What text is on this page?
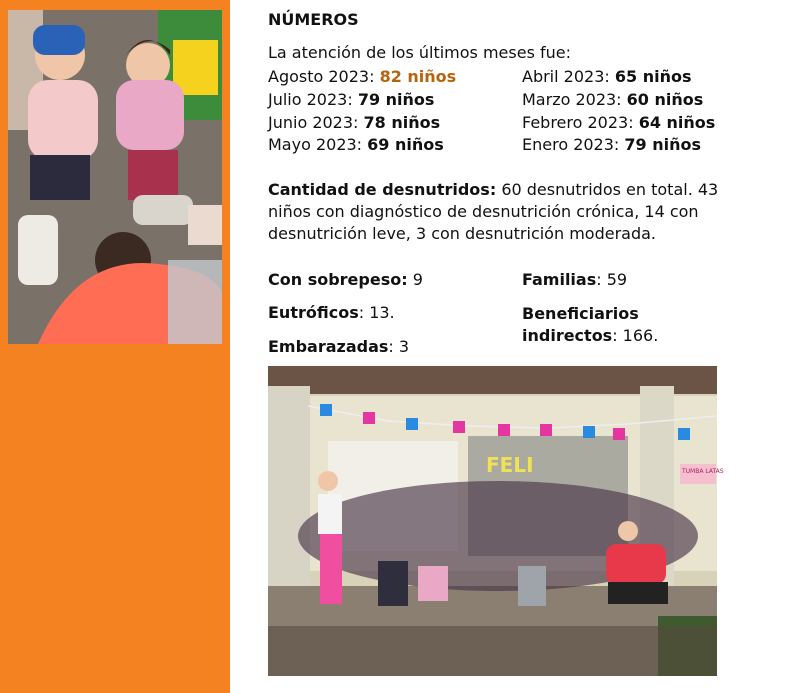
NÚMEROS
La atención de los últimos meses fue:
Agosto 2023: 82 niños
Julio 2023: 79 niños
Junio 2023: 78 niños
Mayo 2023: 69 niños
Abril 2023: 65 niños
Marzo 2023: 60 niños
Febrero 2023: 64 niños
Enero 2023: 79 niños
Cantidad de desnutridos: 60 desnutridos en total. 43 niños con diagnóstico de desnutrición crónica, 14 con desnutrición leve, 3 con desnutrición moderada.
Con sobrepeso: 9
Eutróficos: 13.
Embarazadas: 3
Familias: 59
Beneficiarios indirectos: 166.
FELI	TUMBA LATAS
